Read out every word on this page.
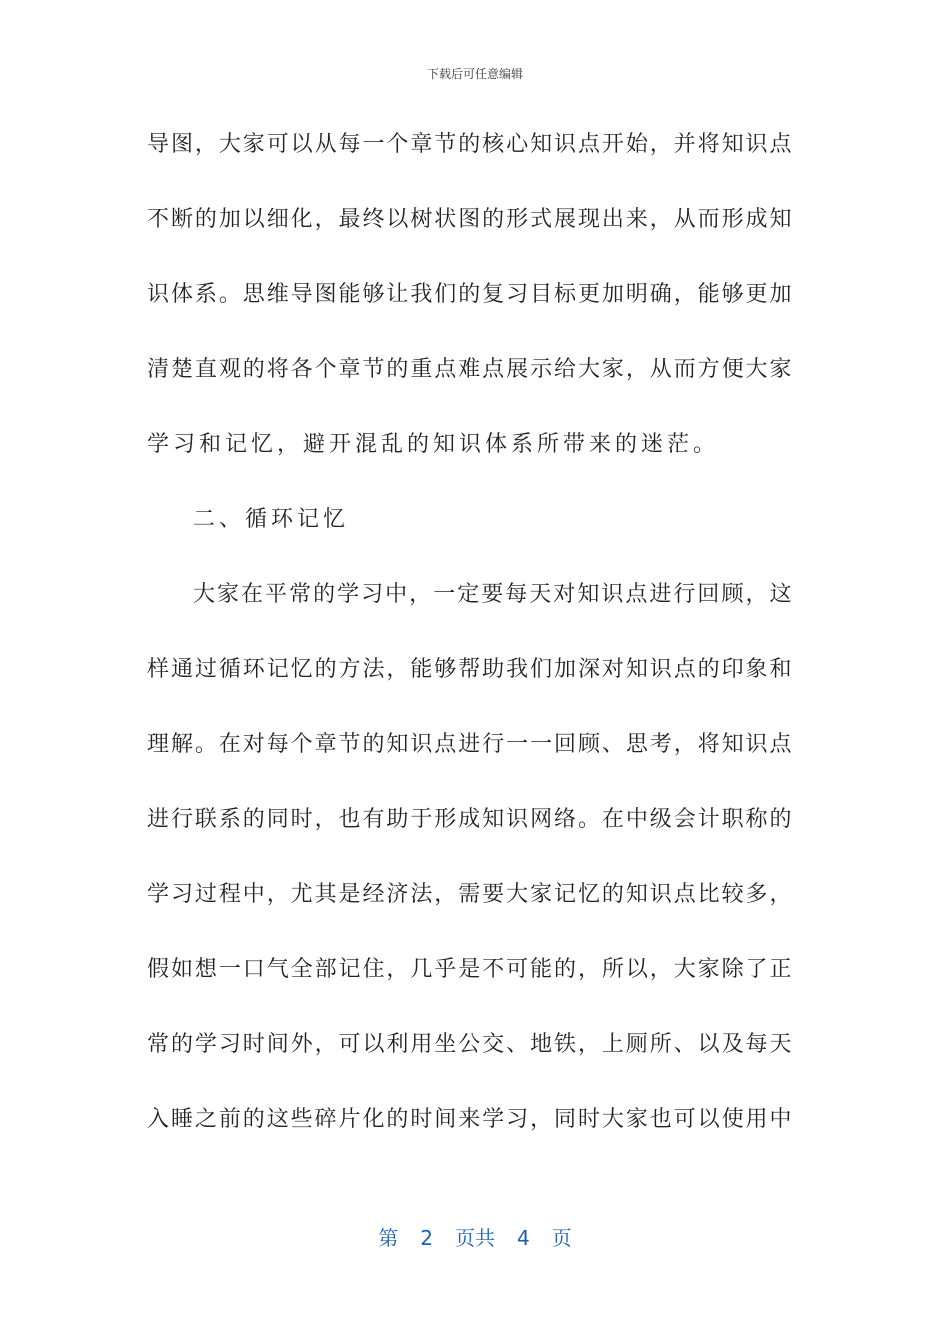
下载后可任意编辑
导图，大家可以从每一个章节的核心知识点开始，并将知识点
不断的加以细化，最终以树状图的形式展现出来，从而形成知
识体系。思维导图能够让我们的复习目标更加明确，能够更加
清楚直观的将各个章节的重点难点展示给大家，从而方便大家
学习和记忆，避开混乱的知识体系所带来的迷茫。
二、循环记忆
大家在平常的学习中，一定要每天对知识点进行回顾，这
样通过循环记忆的方法，能够帮助我们加深对知识点的印象和
理解。在对每个章节的知识点进行一一回顾、思考，将知识点
进行联系的同时，也有助于形成知识网络。在中级会计职称的
学习过程中，尤其是经济法，需要大家记忆的知识点比较多，
假如想一口气全部记住，几乎是不可能的，所以，大家除了正
常的学习时间外，可以利用坐公交、地铁，上厕所、以及每天
入睡之前的这些碎片化的时间来学习，同时大家也可以使用中
第 2 页共 4 页
